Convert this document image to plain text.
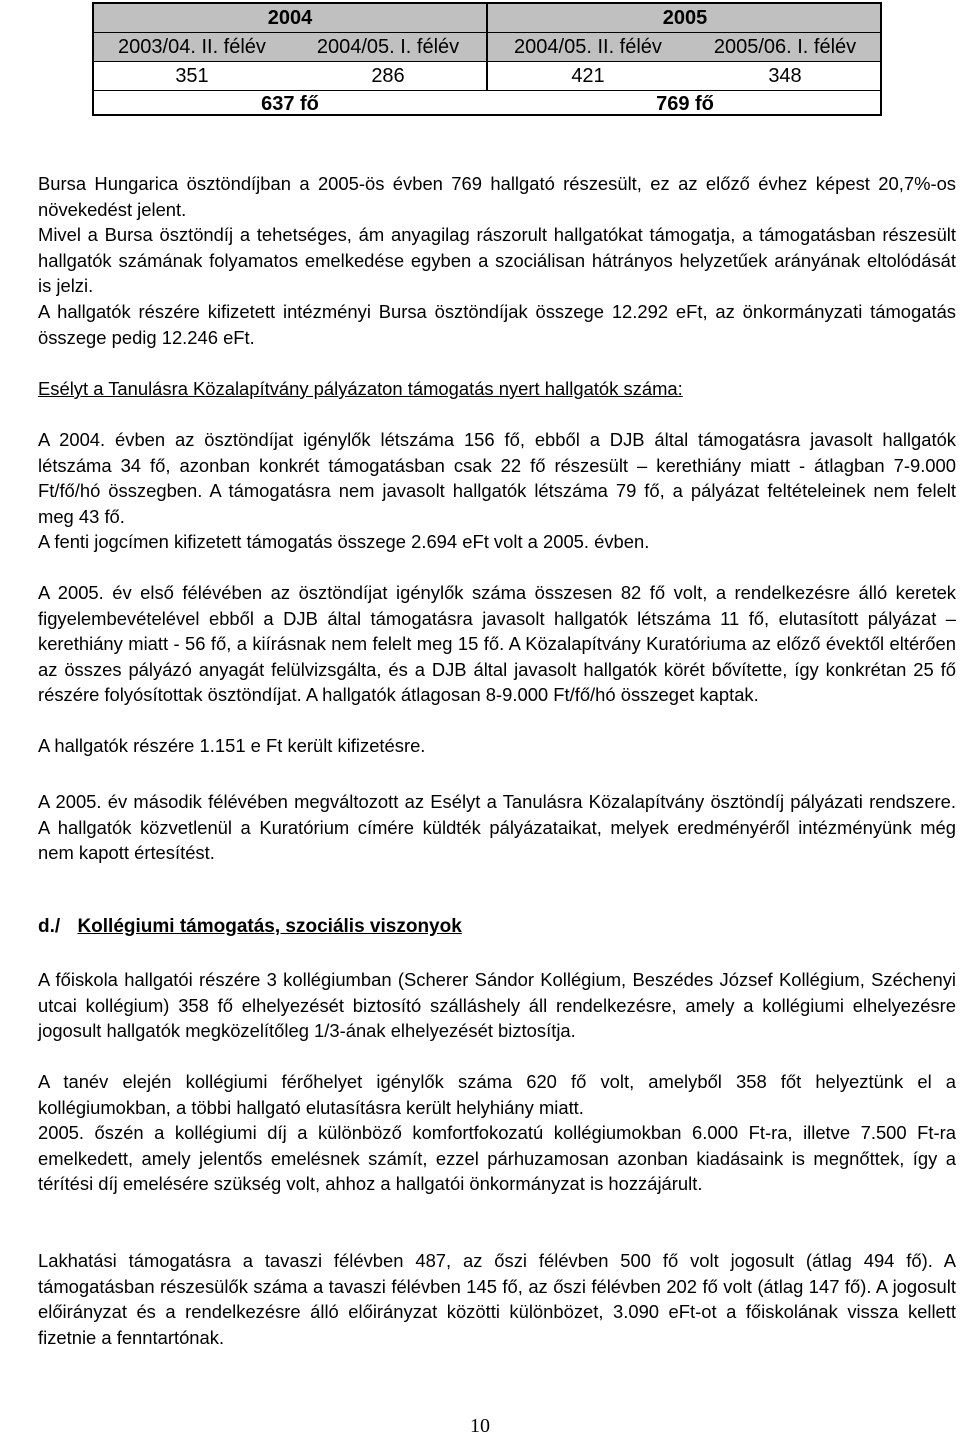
2004	2005
2003/04. II. félév	2004/05. I. félév	2004/05. II. félév	2005/06. I. félév
351	286	421	348
637 fő	769 fő

Bursa Hungarica ösztöndíjban a 2005-ös évben 769 hallgató részesült, ez az előző évhez képest 20,7%-os növekedést jelent.

Mivel a Bursa ösztöndíj a tehetséges, ám anyagilag rászorult hallgatókat támogatja, a támogatásban részesült hallgatók számának folyamatos emelkedése egyben a szociálisan hátrányos helyzetűek arányának eltolódását is jelzi.

A hallgatók részére kifizetett intézményi Bursa ösztöndíjak összege 12.292 eFt, az önkormányzati támogatás összege pedig 12.246 eFt.

Esélyt a Tanulásra Közalapítvány pályázaton támogatás nyert hallgatók száma:

A 2004. évben az ösztöndíjat igénylők létszáma 156 fő, ebből a DJB által támogatásra javasolt hallgatók létszáma 34 fő, azonban konkrét támogatásban csak 22 fő részesült – kerethiány miatt - átlagban 7-9.000 Ft/fő/hó összegben. A támogatásra nem javasolt hallgatók létszáma 79 fő, a pályázat feltételeinek nem felelt meg 43 fő.

A fenti jogcímen kifizetett támogatás összege 2.694 eFt volt a 2005. évben.

A 2005. év első félévében az ösztöndíjat igénylők száma összesen 82 fő volt, a rendelkezésre álló keretek figyelembevételével ebből a DJB által támogatásra javasolt hallgatók létszáma 11 fő, elutasított pályázat – kerethiány miatt - 56 fő, a kiírásnak nem felelt meg 15 fő. A Közalapítvány Kuratóriuma az előző évektől eltérően az összes pályázó anyagát felülvizsgálta, és a DJB által javasolt hallgatók körét bővítette, így konkrétan 25 fő részére folyósítottak ösztöndíjat. A hallgatók átlagosan 8-9.000 Ft/fő/hó összeget kaptak.

A hallgatók részére 1.151 e Ft került kifizetésre.

A 2005. év második félévében megváltozott az Esélyt a Tanulásra Közalapítvány ösztöndíj pályázati rendszere. A hallgatók közvetlenül a Kuratórium címére küldték pályázataikat, melyek eredményéről intézményünk még nem kapott értesítést.

d./ Kollégiumi támogatás, szociális viszonyok

A főiskola hallgatói részére 3 kollégiumban (Scherer Sándor Kollégium, Beszédes József Kollégium, Széchenyi utcai kollégium) 358 fő elhelyezését biztosító szálláshely áll rendelkezésre, amely a kollégiumi elhelyezésre jogosult hallgatók megközelítőleg 1/3-ának elhelyezését biztosítja.

A tanév elején kollégiumi férőhelyet igénylők száma 620 fő volt, amelyből 358 főt helyeztünk el a kollégiumokban, a többi hallgató elutasításra került helyhiány miatt.

2005. őszén a kollégiumi díj a különböző komfortfokozatú kollégiumokban 6.000 Ft-ra, illetve 7.500 Ft-ra emelkedett, amely jelentős emelésnek számít, ezzel párhuzamosan azonban kiadásaink is megnőttek, így a térítési díj emelésére szükség volt, ahhoz a hallgatói önkormányzat is hozzájárult.

Lakhatási támogatásra a tavaszi félévben 487, az őszi félévben 500 fő volt jogosult (átlag 494 fő). A támogatásban részesülők száma a tavaszi félévben 145 fő, az őszi félévben 202 fő volt (átlag 147 fő). A jogosult előirányzat és a rendelkezésre álló előirányzat közötti különbözet, 3.090 eFt-ot a főiskolának vissza kellett fizetnie a fenntartónak.

10
